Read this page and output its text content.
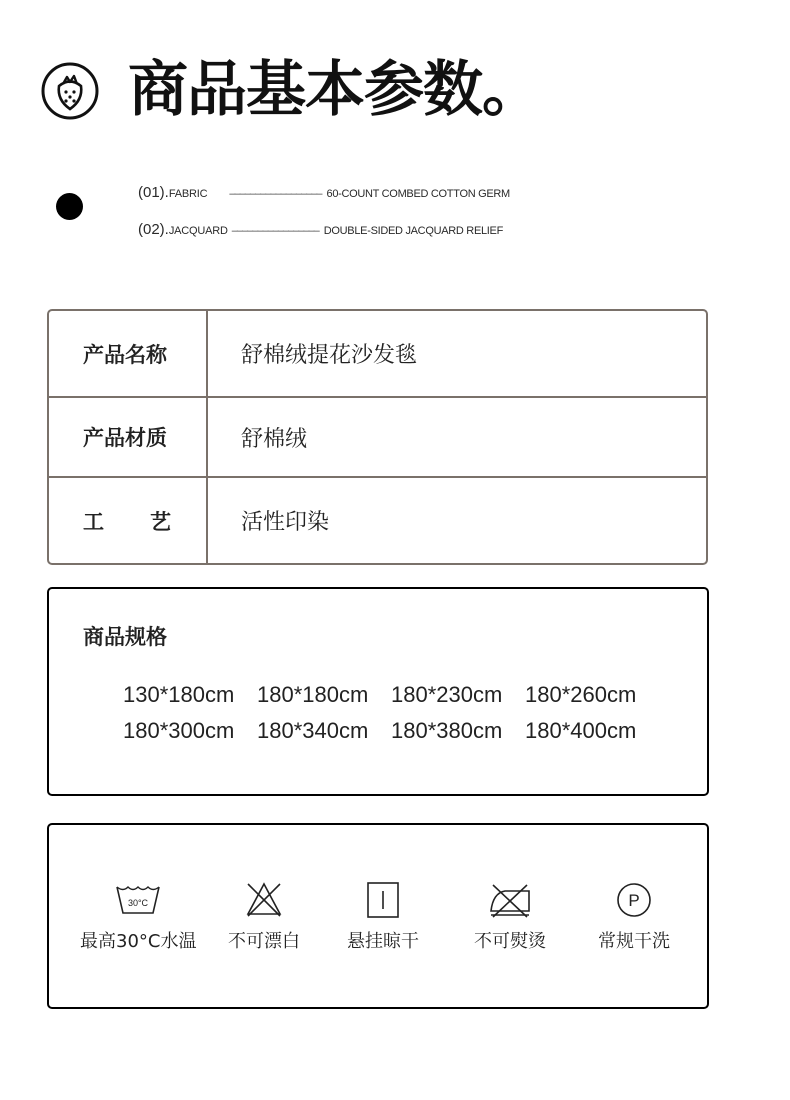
商品基本参数。
(01). FABRIC –––––––––––––––––– 60-COUNT COMBED COTTON GERM
(02). JACQUARD ––––––––––––––––– DOUBLE-SIDED JACQUARD RELIEF
产品名称	舒棉绒提花沙发毯
产品材质	舒棉绒
工艺 活性印染
商品规格
130*180cm	180*180cm	180*230cm	180*260cm
180*300cm	180*340cm	180*380cm	180*400cm
30°C
最高30°C水温 不可漂白	悬挂晾干	不可熨烫
P
常规干洗
